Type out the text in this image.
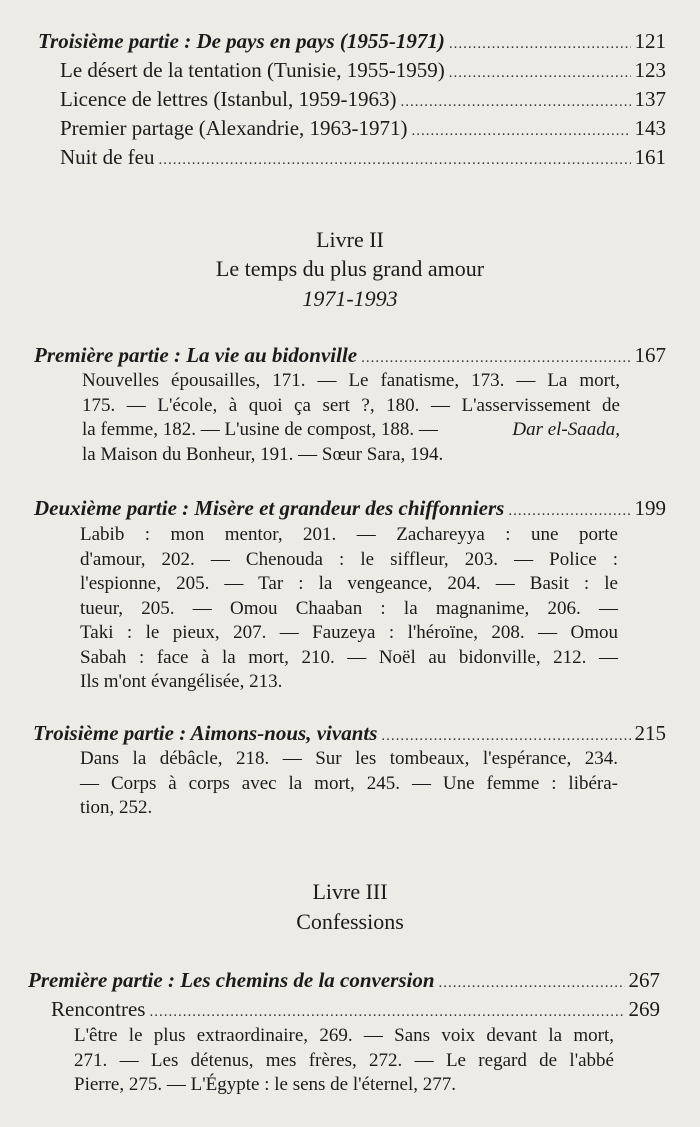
Troisième partie : De pays en pays (1955-1971) .....	121
Le désert de la tentation (Tunisie, 1955-1959) .....	123
Licence de lettres (Istanbul, 1959-1963) .....	137
Premier partage (Alexandrie, 1963-1971) .....	143
Nuit de feu .....	161
Livre II
Le temps du plus grand amour
1971-1993
Première partie : La vie au bidonville .....	167
Nouvelles épousailles, 171. — Le fanatisme, 173. — La mort,
175. — L'école, à quoi ça sert ?, 180. — L'asservissement de
la femme, 182. — L'usine de compost, 188. —	Dar el-Saada,
la Maison du Bonheur, 191. — Sœur Sara, 194.
Deuxième partie : Misère et grandeur des chiffonniers .....	199
Labib : mon mentor, 201. — Zachareyya : une porte
d'amour, 202. — Chenouda : le siffleur, 203. — Police :
l'espionne, 205. — Tar : la vengeance, 204. — Basit : le
tueur, 205. — Omou Chaaban : la magnanime, 206. —
Taki : le pieux, 207. — Fauzeya : l'héroïne, 208. — Omou
Sabah : face à la mort, 210. — Noël au bidonville, 212. —
Ils m'ont évangélisée, 213.
Troisième partie : Aimons-nous, vivants .....	215
Dans la débâcle, 218. — Sur les tombeaux, l'espérance, 234.
— Corps à corps avec la mort, 245. — Une femme : libéra-
tion, 252.
Livre III
Confessions
Première partie : Les chemins de la conversion .....	267
Rencontres .....	269
L'être le plus extraordinaire, 269. — Sans voix devant la mort,
271. — Les détenus, mes frères, 272. — Le regard de l'abbé
Pierre, 275. — L'Égypte : le sens de l'éternel, 277.
